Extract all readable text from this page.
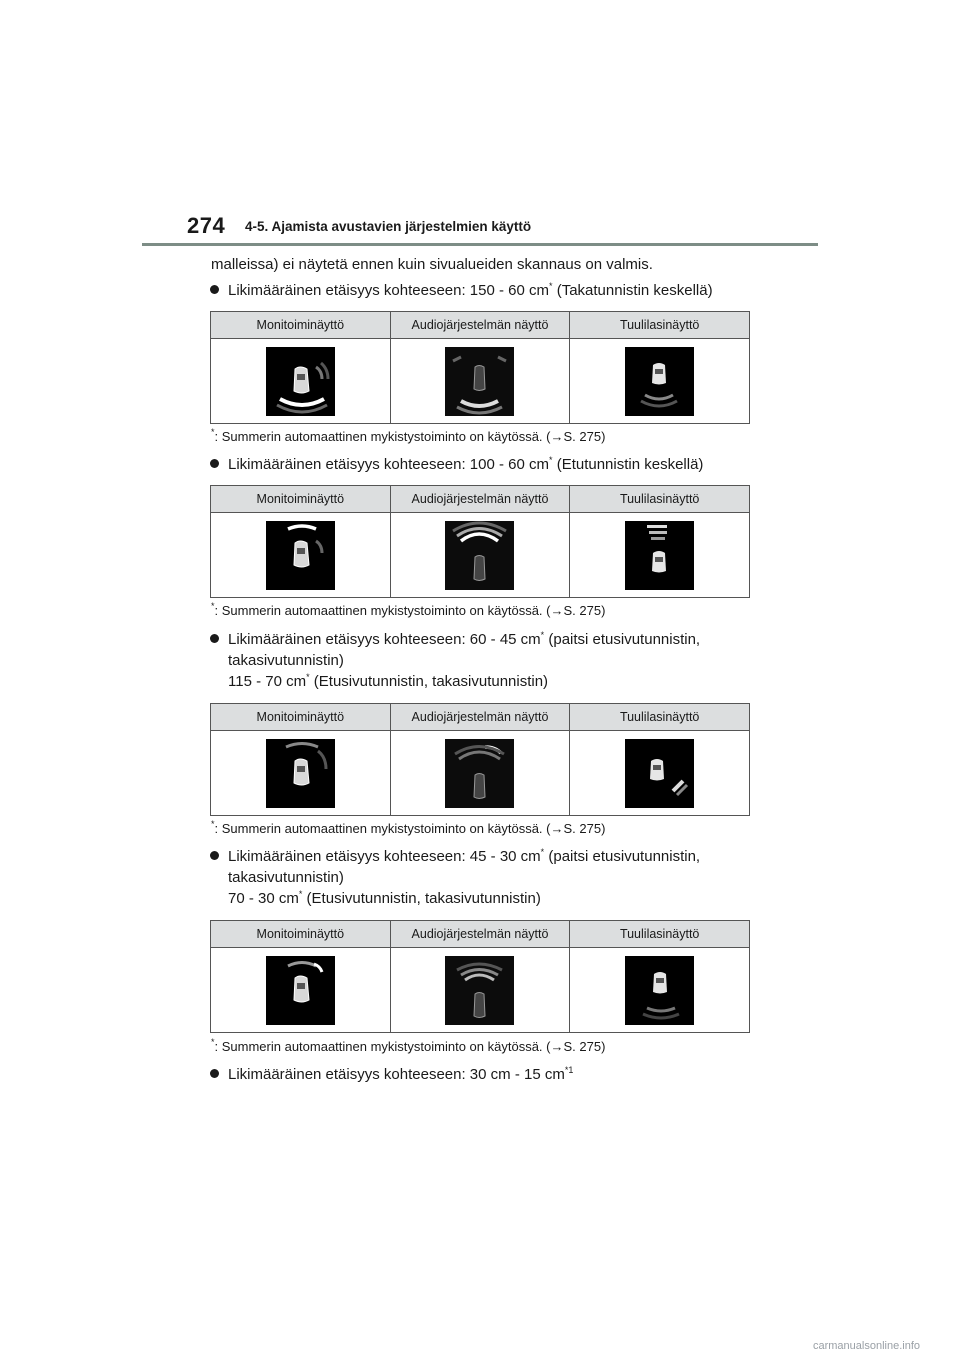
274 4-5. Ajamista avustavien järjestelmien käyttö
malleissa) ei näytetä ennen kuin sivualueiden skannaus on valmis.
Likimääräinen etäisyys kohteeseen: 150 - 60 cm* (Takatunnistin keskellä)
Monitoiminäyttö	Audiojärjestelmän näyttö	Tuulilasinäyttö

*: Summerin automaattinen mykistystoiminto on käytössä. (→S. 275)
Likimääräinen etäisyys kohteeseen: 100 - 60 cm* (Etutunnistin keskellä)
Monitoiminäyttö	Audiojärjestelmän näyttö	Tuulilasinäyttö

*: Summerin automaattinen mykistystoiminto on käytössä. (→S. 275)
Likimääräinen etäisyys kohteeseen: 60 - 45 cm* (paitsi etusivutunnistin,
takasivutunnistin)
115 - 70 cm* (Etusivutunnistin, takasivutunnistin)
Monitoiminäyttö	Audiojärjestelmän näyttö	Tuulilasinäyttö

*: Summerin automaattinen mykistystoiminto on käytössä. (→S. 275)
Likimääräinen etäisyys kohteeseen: 45 - 30 cm* (paitsi etusivutunnistin,
takasivutunnistin)
70 - 30 cm* (Etusivutunnistin, takasivutunnistin)
Monitoiminäyttö	Audiojärjestelmän näyttö	Tuulilasinäyttö

*: Summerin automaattinen mykistystoiminto on käytössä. (→S. 275)
Likimääräinen etäisyys kohteeseen: 30 cm - 15 $cm^{*1}$
carmanualsonline.info
